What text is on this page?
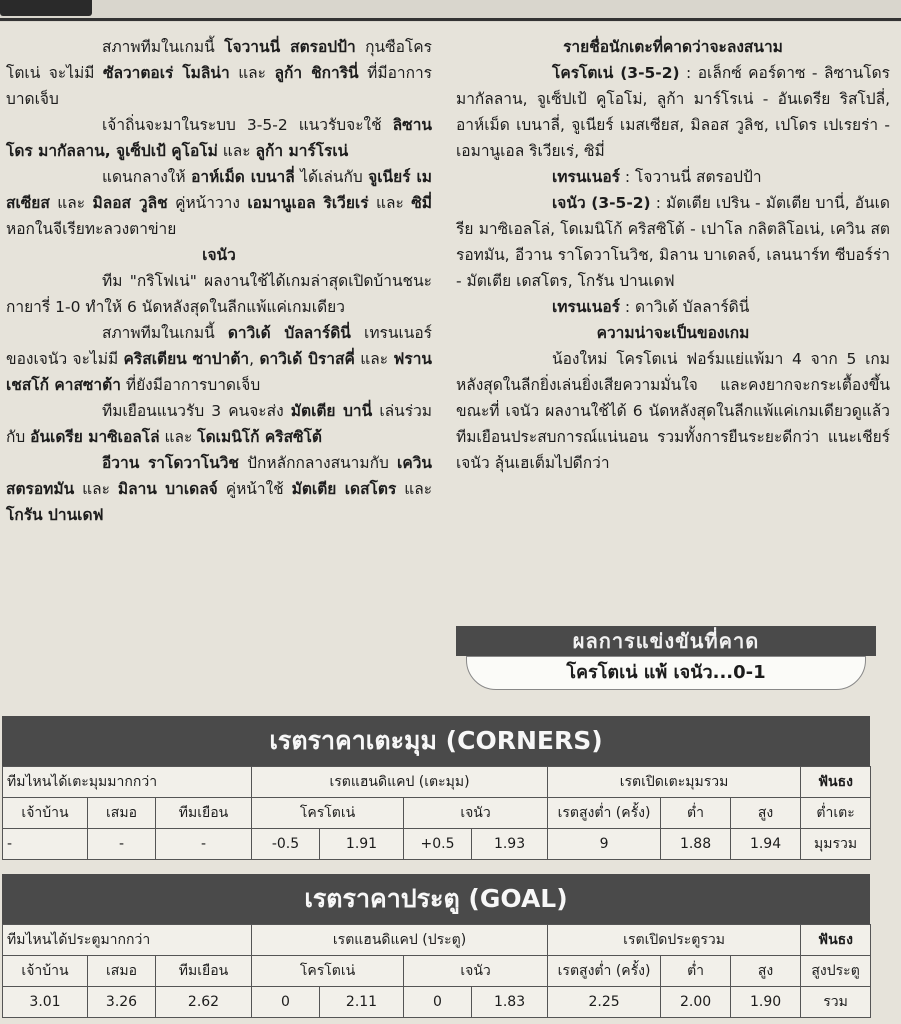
สภาพทีมในเกมนี้ โจวานนี่ สตรอปป้า กุนซือโครโตเน่ จะไม่มี ซัลวาตอเร่ โมลิน่า และ ลูก้า ชิการินี่ ที่มีอาการบาดเจ็บ

เจ้าถิ่นจะมาในระบบ 3-5-2 แนวรับจะใช้ ลิซานโดร มากัลลาน, จูเซ็ปเป้ คูโอโม่ และ ลูก้า มาร์โรเน่

แดนกลางให้ อาห์เม็ด เบนาลี่ ได้เล่นกับ จูเนียร์ เมสเซียส และ มิลอส วูลิช คู่หน้าวาง เอมานูเอล ริเวียเร่ และ ซิมี่ หอกในจีเรียทะลวงตาข่าย

เจนัว

ทีม "กริโฟเน่" ผลงานใช้ได้เกมล่าสุดเปิดบ้านชนะกายารี่ 1-0 ทำให้ 6 นัดหลังสุดในลีกแพ้แค่เกมเดียว

สภาพทีมในเกมนี้ ดาวิเด้ บัลลาร์ดินี่ เทรนเนอร์ของเจนัว จะไม่มี คริสเตียน ซาปาต้า, ดาวิเด้ บิราสคี่ และ ฟรานเชสโก้ คาสซาต้า ที่ยังมีอาการบาดเจ็บ

ทีมเยือนแนวรับ 3 คนจะส่ง มัตเตีย บานี่ เล่นร่วมกับ อันเดรีย มาซิเอลโล่ และ โดเมนิโก้ คริสซิโต้

อีวาน ราโดวาโนวิช ปักหลักกลางสนามกับ เควิน สตรอทมัน และ มิลาน บาเดลจ์ คู่หน้าใช้ มัตเตีย เดสโตร และ โกรัน ปานเดฟ

รายชื่อนักเตะที่คาดว่าจะลงสนาม

โครโตเน่ (3-5-2) : อเล็กซ์ คอร์ดาซ - ลิซานโดร มากัลลาน, จูเซ็ปเป้ คูโอโม่, ลูก้า มาร์โรเน่ - อันเดรีย ริสโปลี่, อาห์เม็ด เบนาลี่, จูเนียร์ เมสเซียส, มิลอส วูลิช, เปโดร เปเรยร่า - เอมานูเอล ริเวียเร่, ซิมี่

เทรนเนอร์ : โจวานนี่ สตรอปป้า

เจนัว (3-5-2) : มัตเตีย เปริน - มัตเตีย บานี่, อันเดรีย มาซิเอลโล่, โดเมนิโก้ คริสซิโต้ - เปาโล กลิตลิโอเน่, เควิน สตรอทมัน, อีวาน ราโดวาโนวิช, มิลาน บาเดลจ์, เลนนาร์ท ซีบอร์ร่า - มัตเตีย เดสโตร, โกรัน ปานเดฟ

เทรนเนอร์ : ดาวิเด้ บัลลาร์ดินี่

ความน่าจะเป็นของเกม

น้องใหม่ โครโตเน่ ฟอร์มแย่แพ้มา 4 จาก 5 เกมหลังสุดในลีกยิ่งเล่นยิ่งเสียความมั่นใจ และคงยากจะกระเตื้องขึ้น ขณะที่ เจนัว ผลงานใช้ได้ 6 นัดหลังสุดในลีกแพ้แค่เกมเดียวดูแล้วทีมเยือนประสบการณ์แน่นอน รวมทั้งการยืนระยะดีกว่า แนะเชียร์ เจนัว ลุ้นเฮเต็มไปดีกว่า

ผลการแข่งขันที่คาด
โครโตเน่ แพ้ เจนัว...0-1
เรตราคาเตะมุม (CORNERS)
ทีมไหนได้เตะมุมมากกว่า			เรตแฮนดิแคป (เตะมุม)				เรตเปิดเตะมุมรวม			ฟันธง
เจ้าบ้าน	เสมอ	ทีมเยือน	โครโตเน่		เจนัว		เรตสูงต่ำ (ครั้ง)	ต่ำ	สูง	ต่ำเตะ
-	-	-	-0.5	1.91	+0.5	1.93	9	1.88	1.94	มุมรวม
เรตราคาประตู (GOAL)
ทีมไหนได้ประตูมากกว่า			เรตแฮนดิแคป (ประตู)				เรตเปิดประตูรวม			ฟันธง
เจ้าบ้าน	เสมอ	ทีมเยือน	โครโตเน่		เจนัว		เรตสูงต่ำ (ครั้ง)	ต่ำ	สูง	สูงประตู
3.01	3.26	2.62	0	2.11	0	1.83	2.25	2.00	1.90	รวม
